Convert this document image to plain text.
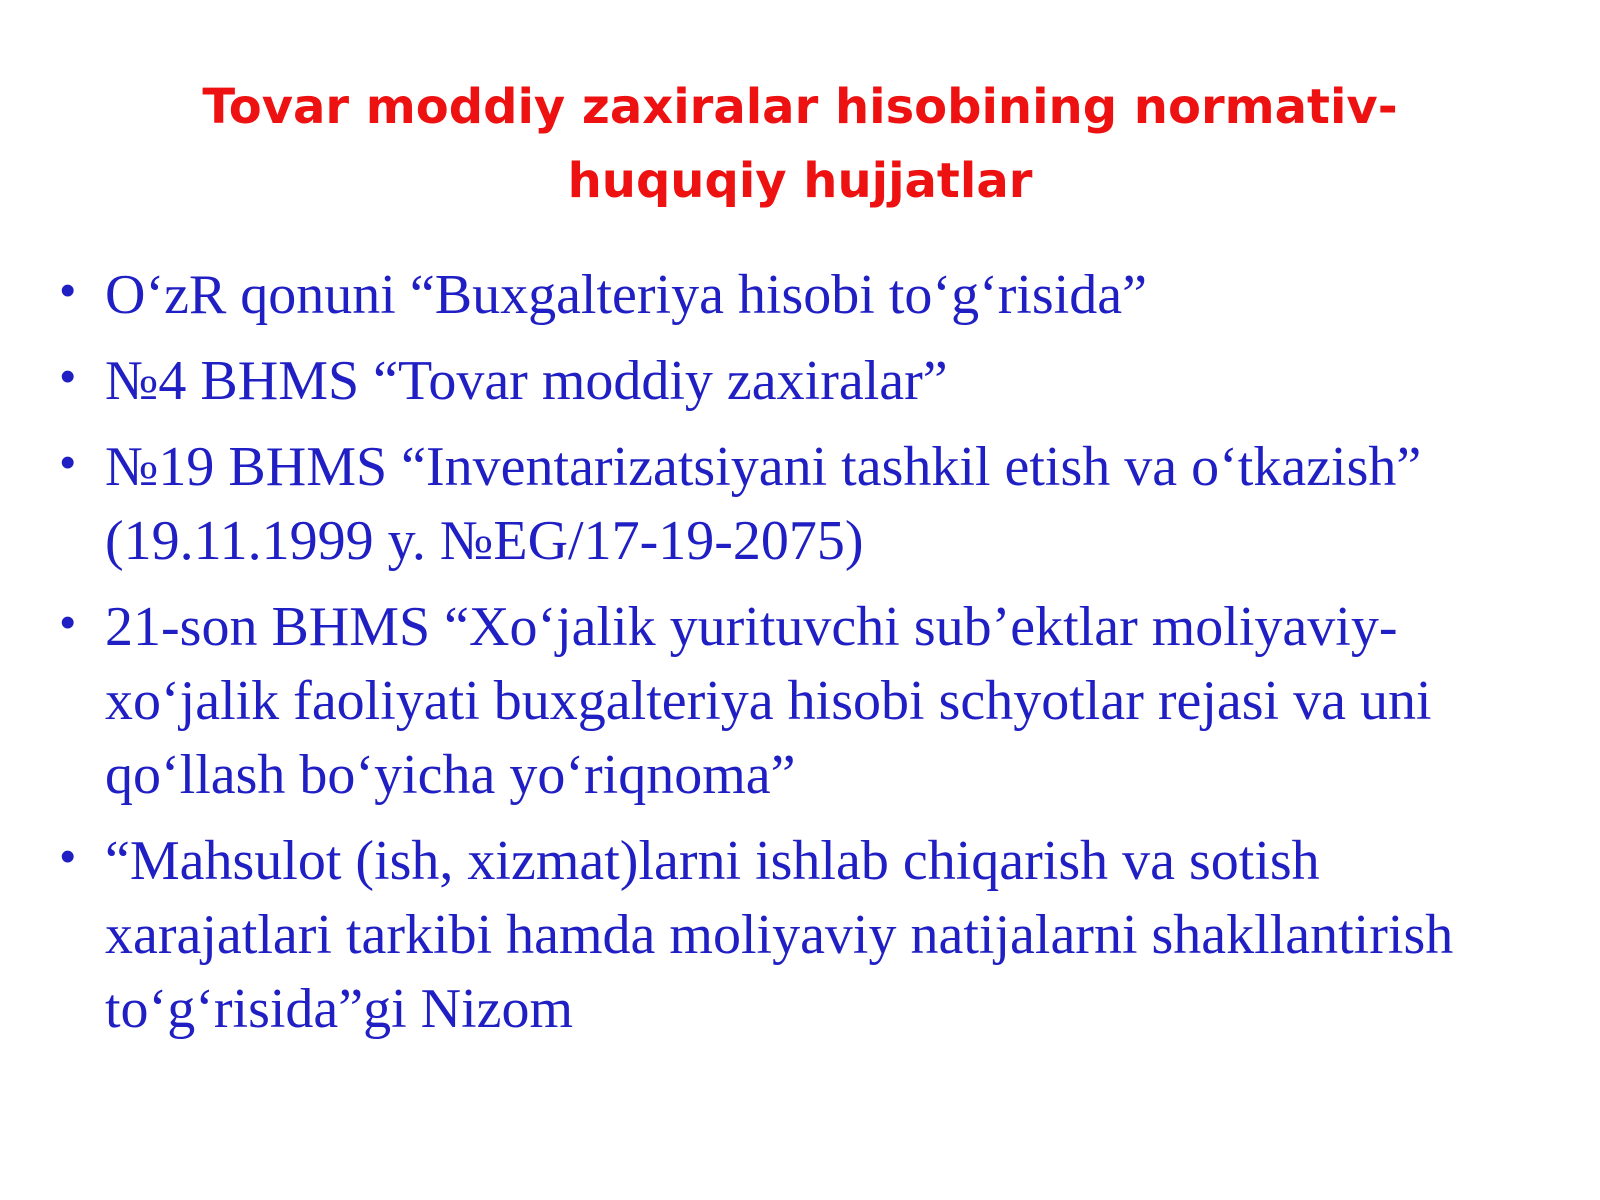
Tovar moddiy zaxiralar hisobining normativ-huquqiy hujjatlar
• O‘zR qonuni “Buxgalteriya hisobi to‘g‘risida”
• №4 BHMS “Tovar moddiy zaxiralar”
• №19 BHMS “Inventarizatsiyani tashkil etish va o‘tkazish” (19.11.1999 y. №EG/17-19-2075)
• 21-son BHMS “Xo‘jalik yurituvchi sub’ektlar moliyaviy-xo‘jalik faoliyati buxgalteriya hisobi schyotlar rejasi va uni qo‘llash bo‘yicha yo‘riqnoma”
• “Mahsulot (ish, xizmat)larni ishlab chiqarish va sotish xarajatlari tarkibi hamda moliyaviy natijalarni shakllantirish to‘g‘risida”gi Nizom
